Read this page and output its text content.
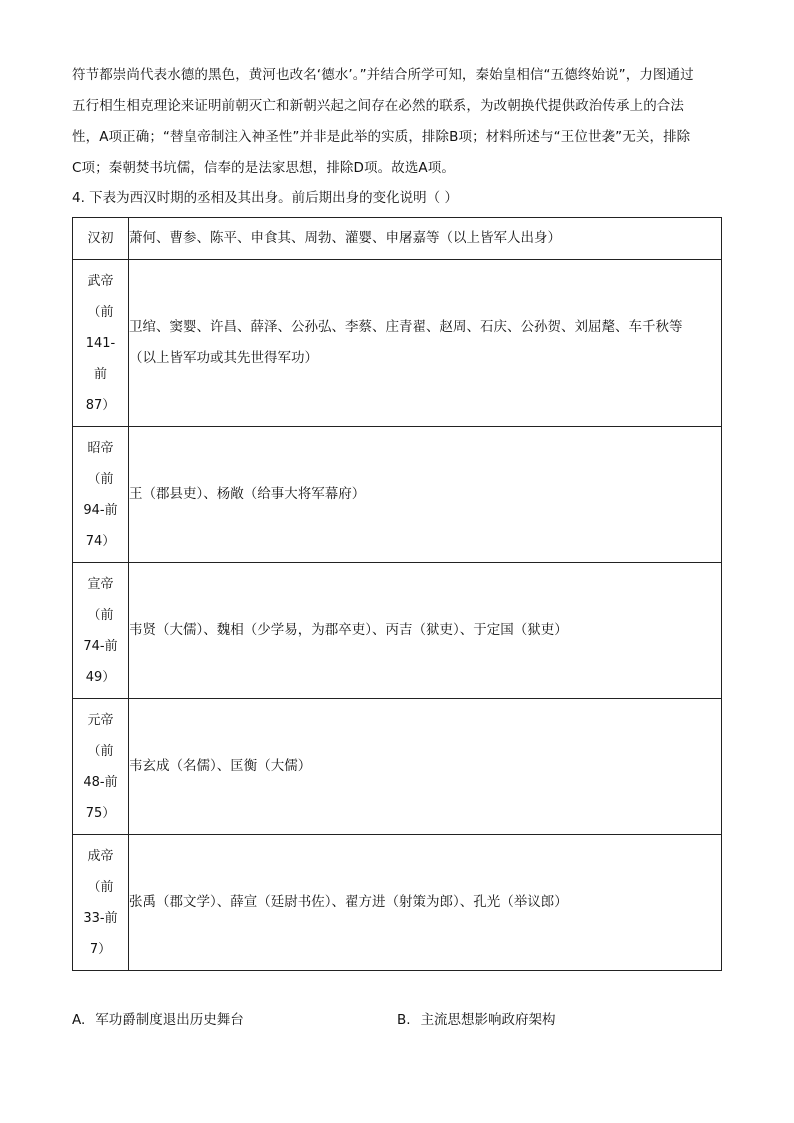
符节都崇尚代表水德的黑色，黄河也改名‘德水’。”并结合所学可知，秦始皇相信“五德终始说”，力图通过

五行相生相克理论来证明前朝灭亡和新朝兴起之间存在必然的联系，为改朝换代提供政治传承上的合法

性，A项正确；“替皇帝制注入神圣性”并非是此举的实质，排除B项；材料所述与“王位世袭”无关，排除

C项；秦朝焚书坑儒，信奉的是法家思想，排除D项。故选A项。

4. 下表为西汉时期的丞相及其出身。前后期出身的变化说明（ ）

汉初	萧何、曹参、陈平、申食其、周勃、灌婴、申屠嘉等（以上皆军人出身）

武帝
（前
141-
前
87）	卫绾、窦婴、许昌、薛泽、公孙弘、李蔡、庄青翟、赵周、石庆、公孙贺、刘屈氂、车千秋等
（以上皆军功或其先世得军功）

昭帝
（前
94-前
74）	王（郡县吏）、杨敞（给事大将军幕府）

宣帝
（前
74-前
49）	韦贤（大儒）、魏相（少学易，为郡卒吏）、丙吉（狱吏）、于定国（狱吏）

元帝
（前
48-前
75）	韦玄成（名儒）、匡衡（大儒）

成帝
（前
33-前
7）	张禹（郡文学）、薛宣（廷尉书佐）、翟方进（射策为郎）、孔光（举议郎）
A. 军功爵制度退出历史舞台	B. 主流思想影响政府架构
